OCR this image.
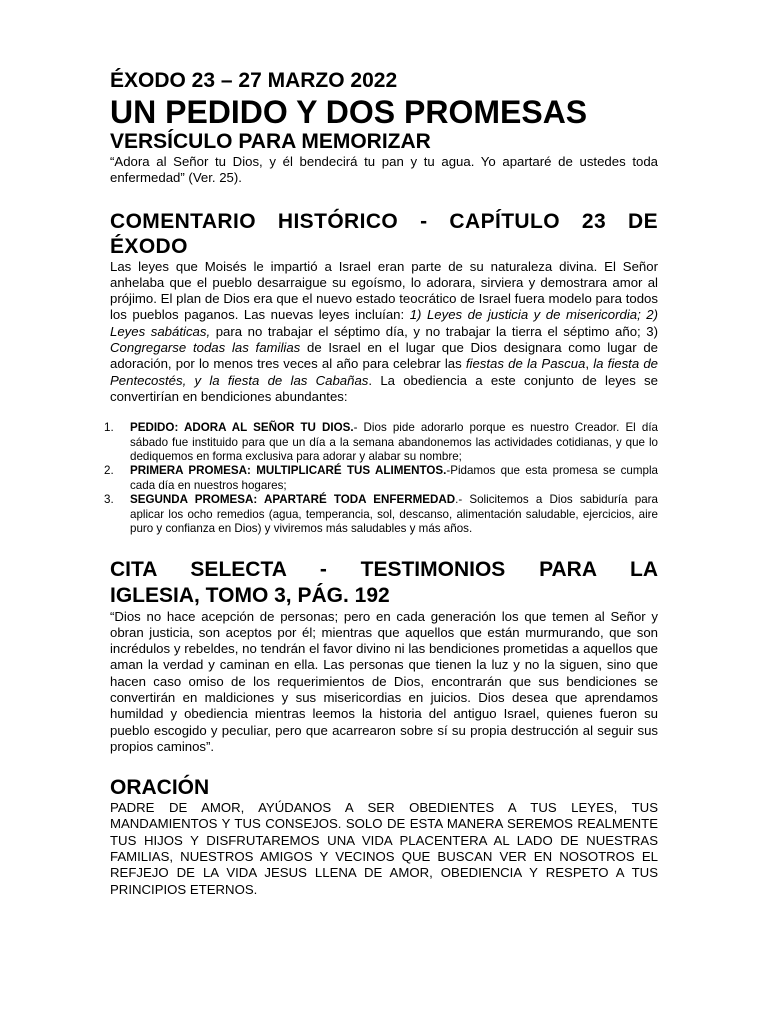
ÉXODO 23 – 27 MARZO 2022
UN PEDIDO Y DOS PROMESAS
VERSÍCULO PARA MEMORIZAR

“Adora al Señor tu Dios, y él bendecirá tu pan y tu agua. Yo apartaré de ustedes toda enfermedad” (Ver. 25).

COMENTARIO HISTÓRICO - CAPÍTULO 23 DE ÉXODO

Las leyes que Moisés le impartió a Israel eran parte de su naturaleza divina. El Señor anhelaba que el pueblo desarraigue su egoísmo, lo adorara, sirviera y demostrara amor al prójimo. El plan de Dios era que el nuevo estado teocrático de Israel fuera modelo para todos los pueblos paganos. Las nuevas leyes incluían: 1) Leyes de justicia y de misericordia; 2) Leyes sabáticas, para no trabajar el séptimo día, y no trabajar la tierra el séptimo año; 3) Congregarse todas las familias de Israel en el lugar que Dios designara como lugar de adoración, por lo menos tres veces al año para celebrar las fiestas de la Pascua, la fiesta de Pentecostés, y la fiesta de las Cabañas. La obediencia a este conjunto de leyes se convertirían en bendiciones abundantes:

1. PEDIDO: ADORA AL SEÑOR TU DIOS.- Dios pide adorarlo porque es nuestro Creador. El día sábado fue instituido para que un día a la semana abandonemos las actividades cotidianas, y que lo dediquemos en forma exclusiva para adorar y alabar su nombre;
2. PRIMERA PROMESA: MULTIPLICARÉ TUS ALIMENTOS.-Pidamos que esta promesa se cumpla cada día en nuestros hogares;
3. SEGUNDA PROMESA: APARTARÉ TODA ENFERMEDAD.- Solicitemos a Dios sabiduría para aplicar los ocho remedios (agua, temperancia, sol, descanso, alimentación saludable, ejercicios, aire puro y confianza en Dios) y viviremos más saludables y más años.
CITA SELECTA - TESTIMONIOS PARA LA
IGLESIA, TOMO 3, PÁG. 192

“Dios no hace acepción de personas; pero en cada generación los que temen al Señor y obran justicia, son aceptos por él; mientras que aquellos que están murmurando, que son incrédulos y rebeldes, no tendrán el favor divino ni las bendiciones prometidas a aquellos que aman la verdad y caminan en ella. Las personas que tienen la luz y no la siguen, sino que hacen caso omiso de los requerimientos de Dios, encontrarán que sus bendiciones se convertirán en maldiciones y sus misericordias en juicios. Dios desea que aprendamos humildad y obediencia mientras leemos la historia del antiguo Israel, quienes fueron su pueblo escogido y peculiar, pero que acarrearon sobre sí su propia destrucción al seguir sus propios caminos”.

ORACIÓN

PADRE DE AMOR, AYÚDANOS A SER OBEDIENTES A TUS LEYES, TUS MANDAMIENTOS Y TUS CONSEJOS. SOLO DE ESTA MANERA SEREMOS REALMENTE TUS HIJOS Y DISFRUTAREMOS UNA VIDA PLACENTERA AL LADO DE NUESTRAS FAMILIAS, NUESTROS AMIGOS Y VECINOS QUE BUSCAN VER EN NOSOTROS EL REFJEJO DE LA VIDA JESUS LLENA DE AMOR, OBEDIENCIA Y RESPETO A TUS PRINCIPIOS ETERNOS.
